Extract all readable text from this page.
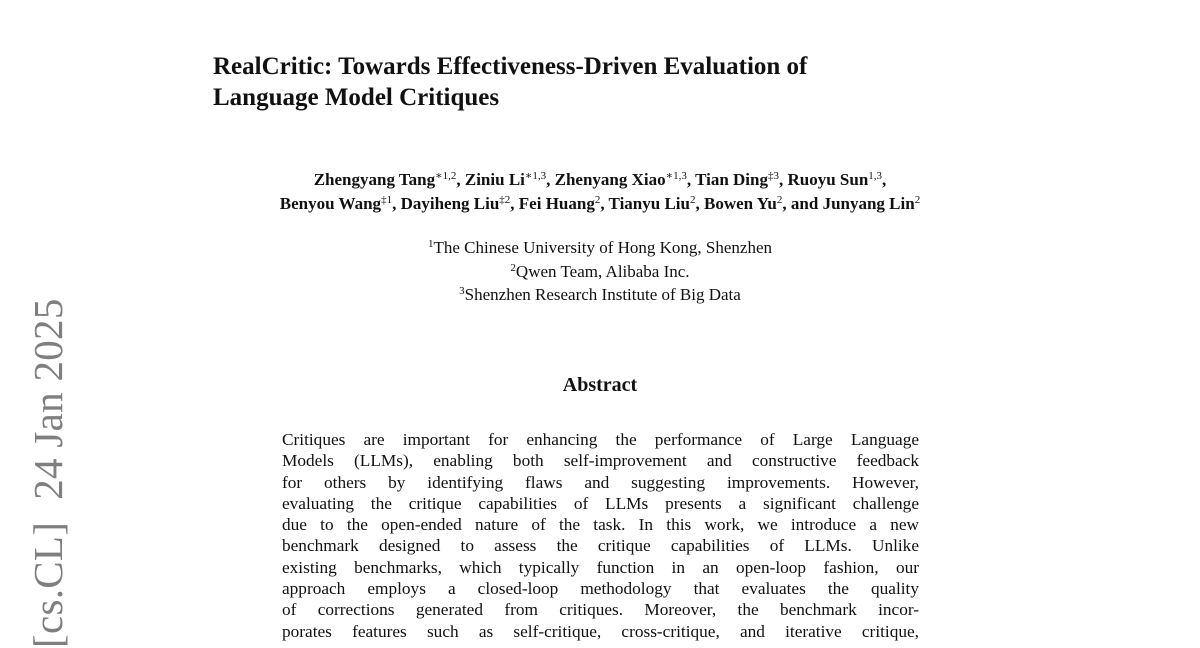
[cs.CL]24 Jan 2025
RealCritic: Towards Effectiveness-Driven Evaluation of
Language Model Critiques
Zhengyang Tang$^{∗1,2}$, Ziniu $Li^{∗1,3}$, Zhenyang Xiao$^{∗1,3}$, Tian Ding$^{\ddagger 3}$, Ruoyu Sun$^{1,3}$,
Benyou Wang$^{\ddagger 1}$, Dayiheng Liu$^{\ddagger 2}$, Fei Huang$^2$, Tianyu Liu$^2$, Bowen Yu$^2$, and Junyang Lin$^2$
$^1$The Chinese University of Hong Kong, Shenzhen
$^2$Qwen Team, Alibaba Inc.
$^3$Shenzhen Research Institute of Big Data
Abstract
Critiques are important for enhancing the performance of Large Language
Models (LLMs), enabling both self-improvement and constructive feedback
for others by identifying flaws and suggesting improvements. However,
evaluating the critique capabilities of LLMs presents a significant challenge
due to the open-ended nature of the task. In this work, we introduce a new
benchmark designed to assess the critique capabilities of LLMs. Unlike
existing benchmarks, which typically function in an open-loop fashion, our
approach employs a closed-loop methodology that evaluates the quality
of corrections generated from critiques. Moreover, the benchmark incor-
porates features such as self-critique, cross-critique, and iterative critique,
